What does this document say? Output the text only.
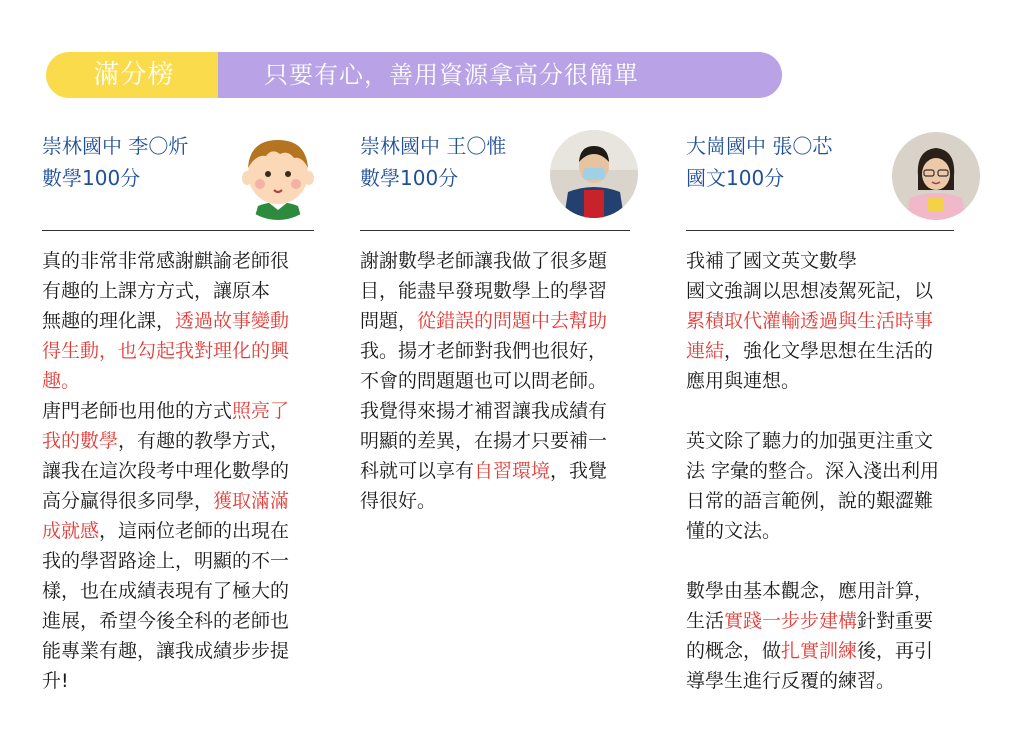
滿分榜	只要有心，善用資源拿高分很簡單
崇林國中 李〇炘
數學100分

真的非常非常感謝麒諭老師很

有趣的上課方方式，讓原本

無趣的理化課，透過故事變動

得生動，也勾起我對理化的興

趣。

唐門老師也用他的方式照亮了

我的數學，有趣的教學方式，

讓我在這次段考中理化數學的

高分贏得很多同學，獲取滿滿

成就感，這兩位老師的出現在

我的學習路途上，明顯的不一

樣，也在成績表現有了極大的

進展，希望今後全科的老師也

能專業有趣，讓我成績步步提

升!

崇林國中 王〇惟
數學100分

謝謝數學老師讓我做了很多題

目，能盡早發現數學上的學習

問題，從錯誤的問題中去幫助

我。揚才老師對我們也很好，

不會的問題題也可以問老師。

我覺得來揚才補習讓我成績有

明顯的差異，在揚才只要補一

科就可以享有自習環境，我覺

得很好。

大崗國中 張〇芯
國文100分

我補了國文英文數學

國文強調以思想凌駕死記，以

累積取代灌輸透過與生活時事

連結，強化文學思想在生活的

應用與連想。

英文除了聽力的加强更注重文

法 字彙的整合。深入淺出利用

日常的語言範例，說的艱澀難

懂的文法。

數學由基本觀念，應用計算，

生活實踐一步步建構針對重要

的概念，做扎實訓練後，再引

導學生進行反覆的練習。
